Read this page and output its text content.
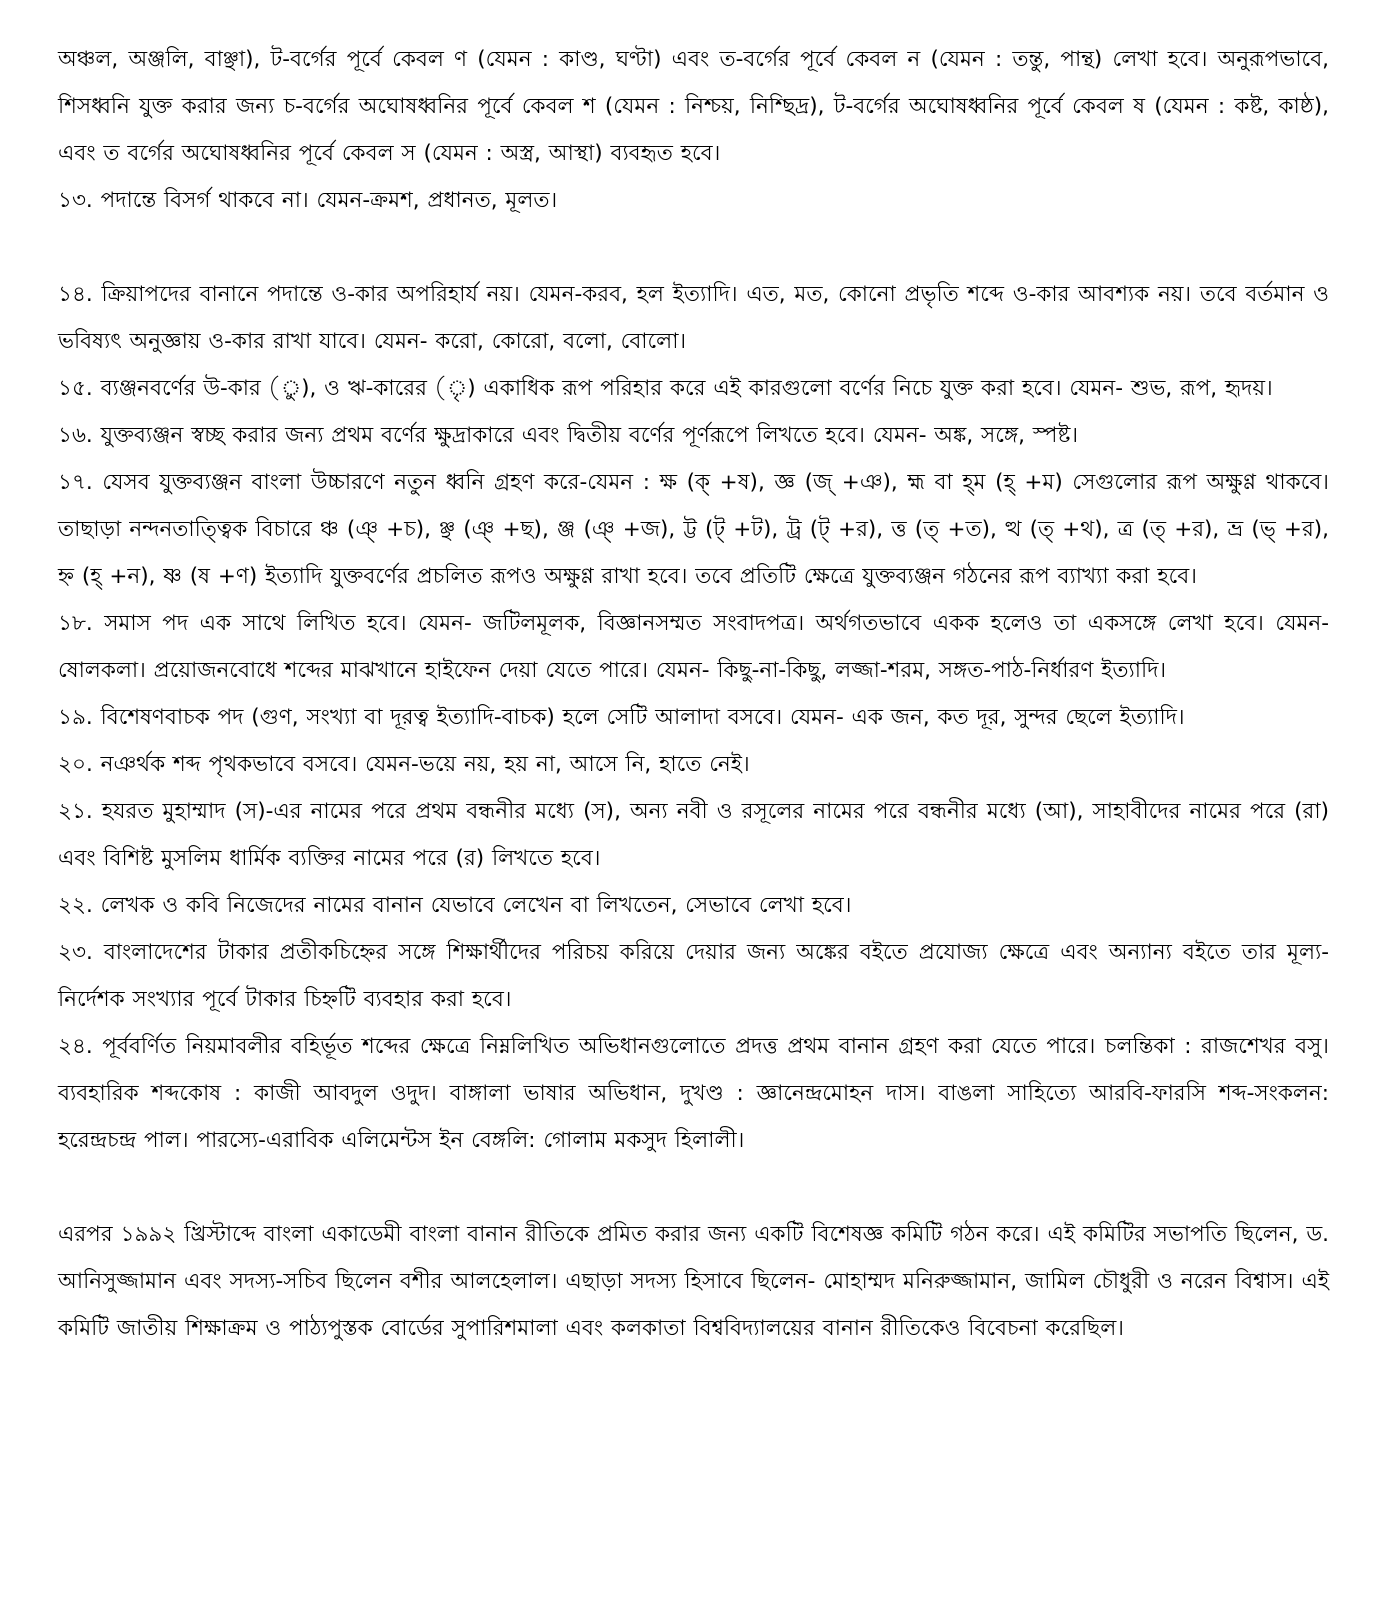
অঞ্চল, অঞ্জলি, বাঞ্ছা), ট-বর্গের পূর্বে কেবল ণ (যেমন : কাণ্ড, ঘণ্টা) এবং ত-বর্গের পূর্বে কেবল ন (যেমন : তন্তু, পান্থ) লেখা হবে। অনুরূপভাবে, শিসধ্বনি যুক্ত করার জন্য চ-বর্গের অঘোষধ্বনির পূর্বে কেবল শ (যেমন : নিশ্চয়, নিশ্ছিদ্র), ট-বর্গের অঘোষধ্বনির পূর্বে কেবল ষ (যেমন : কষ্ট, কাষ্ঠ), এবং ত বর্গের অঘোষধ্বনির পূর্বে কেবল স (যেমন : অস্ত্র, আস্থা) ব্যবহৃত হবে।

১৩. পদান্তে বিসর্গ থাকবে না। যেমন-ক্রমশ, প্রধানত, মূলত।

১৪. ক্রিয়াপদের বানানে পদান্তে ও-কার অপরিহার্য নয়। যেমন-করব, হল ইত্যাদি। এত, মত, কোনো প্রভৃতি শব্দে ও-কার আবশ্যক নয়। তবে বর্তমান ও ভবিষ্যৎ অনুজ্ঞায় ও-কার রাখা যাবে। যেমন- করো, কোরো, বলো, বোলো।

১৫. ব্যঞ্জনবর্ণের উ-কার (ু), ও ঋ-কারের (ৃ) একাধিক রূপ পরিহার করে এই কারগুলো বর্ণের নিচে যুক্ত করা হবে। যেমন- শুভ, রূপ, হৃদয়।

১৬. যুক্তব্যঞ্জন স্বচ্ছ করার জন্য প্রথম বর্ণের ক্ষুদ্রাকারে এবং দ্বিতীয় বর্ণের পূর্ণরূপে লিখতে হবে। যেমন- অঙ্ক, সঙ্গে, স্পষ্ট।

১৭. যেসব যুক্তব্যঞ্জন বাংলা উচ্চারণে নতুন ধ্বনি গ্রহণ করে-যেমন : ক্ষ (ক্ +ষ), জ্ঞ (জ্ +ঞ), হ্ম বা হ্‌ম (হ্ +ম) সেগুলোর রূপ অক্ষুণ্ণ থাকবে। তাছাড়া নন্দনতাত্ত্বিক বিচারে ঞ্চ (ঞ্ +চ), ঞ্ছ (ঞ্ +ছ), ঞ্জ (ঞ্ +জ), ট্ট (ট্ +ট), ট্র (ট্ +র), ত্ত (ত্ +ত), ত্থ (ত্ +থ), ত্র (ত্ +র), ভ্র (ভ্ +র), হ্ন (হ্ +ন), ষ্ণ (ষ +ণ) ইত্যাদি যুক্তবর্ণের প্রচলিত রূপও অক্ষুণ্ণ রাখা হবে। তবে প্রতিটি ক্ষেত্রে যুক্তব্যঞ্জন গঠনের রূপ ব্যাখ্যা করা হবে।

১৮. সমাস পদ এক সাথে লিখিত হবে। যেমন- জটিলমূলক, বিজ্ঞানসম্মত সংবাদপত্র। অর্থগতভাবে একক হলেও তা একসঙ্গে লেখা হবে। যেমন- ষোলকলা। প্রয়োজনবোধে শব্দের মাঝখানে হাইফেন দেয়া যেতে পারে। যেমন- কিছু-না-কিছু, লজ্জা-শরম, সঙ্গত-পাঠ-নির্ধারণ ইত্যাদি।

১৯. বিশেষণবাচক পদ (গুণ, সংখ্যা বা দূরত্ব ইত্যাদি-বাচক) হলে সেটি আলাদা বসবে। যেমন- এক জন, কত দূর, সুন্দর ছেলে ইত্যাদি।

২০. নঞর্থক শব্দ পৃথকভাবে বসবে। যেমন-ভয়ে নয়, হয় না, আসে নি, হাতে নেই।

২১. হযরত মুহাম্মাদ (স)-এর নামের পরে প্রথম বন্ধনীর মধ্যে (স), অন্য নবী ও রসূলের নামের পরে বন্ধনীর মধ্যে (আ), সাহাবীদের নামের পরে (রা) এবং বিশিষ্ট মুসলিম ধার্মিক ব্যক্তির নামের পরে (র) লিখতে হবে।

২২. লেখক ও কবি নিজেদের নামের বানান যেভাবে লেখেন বা লিখতেন, সেভাবে লেখা হবে।

২৩. বাংলাদেশের টাকার প্রতীকচিহ্নের সঙ্গে শিক্ষার্থীদের পরিচয় করিয়ে দেয়ার জন্য অঙ্কের বইতে প্রযোজ্য ক্ষেত্রে এবং অন্যান্য বইতে তার মূল্য-নির্দেশক সংখ্যার পূর্বে টাকার চিহ্নটি ব্যবহার করা হবে।

২৪. পূর্ববর্ণিত নিয়মাবলীর বহির্ভূত শব্দের ক্ষেত্রে নিম্নলিখিত অভিধানগুলোতে প্রদত্ত প্রথম বানান গ্রহণ করা যেতে পারে। চলন্তিকা : রাজশেখর বসু। ব্যবহারিক শব্দকোষ : কাজী আবদুল ওদুদ। বাঙ্গালা ভাষার অভিধান, দুখণ্ড : জ্ঞানেন্দ্রমোহন দাস। বাঙলা সাহিত্যে আরবি-ফারসি শব্দ-সংকলন: হরেন্দ্রচন্দ্র পাল। পারস্যে-এরাবিক এলিমেন্টস ইন বেঙ্গলি: গোলাম মকসুদ হিলালী।

এরপর ১৯৯২ খ্রিস্টাব্দে বাংলা একাডেমী বাংলা বানান রীতিকে প্রমিত করার জন্য একটি বিশেষজ্ঞ কমিটি গঠন করে। এই কমিটির সভাপতি ছিলেন, ড. আনিসুজ্জামান এবং সদস্য-সচিব ছিলেন বশীর আলহেলাল। এছাড়া সদস্য হিসাবে ছিলেন- মোহাম্মদ মনিরুজ্জামান, জামিল চৌধুরী ও নরেন বিশ্বাস। এই কমিটি জাতীয় শিক্ষাক্রম ও পাঠ্যপুস্তক বোর্ডের সুপারিশমালা এবং কলকাতা বিশ্ববিদ্যালয়ের বানান রীতিকেও বিবেচনা করেছিল।
